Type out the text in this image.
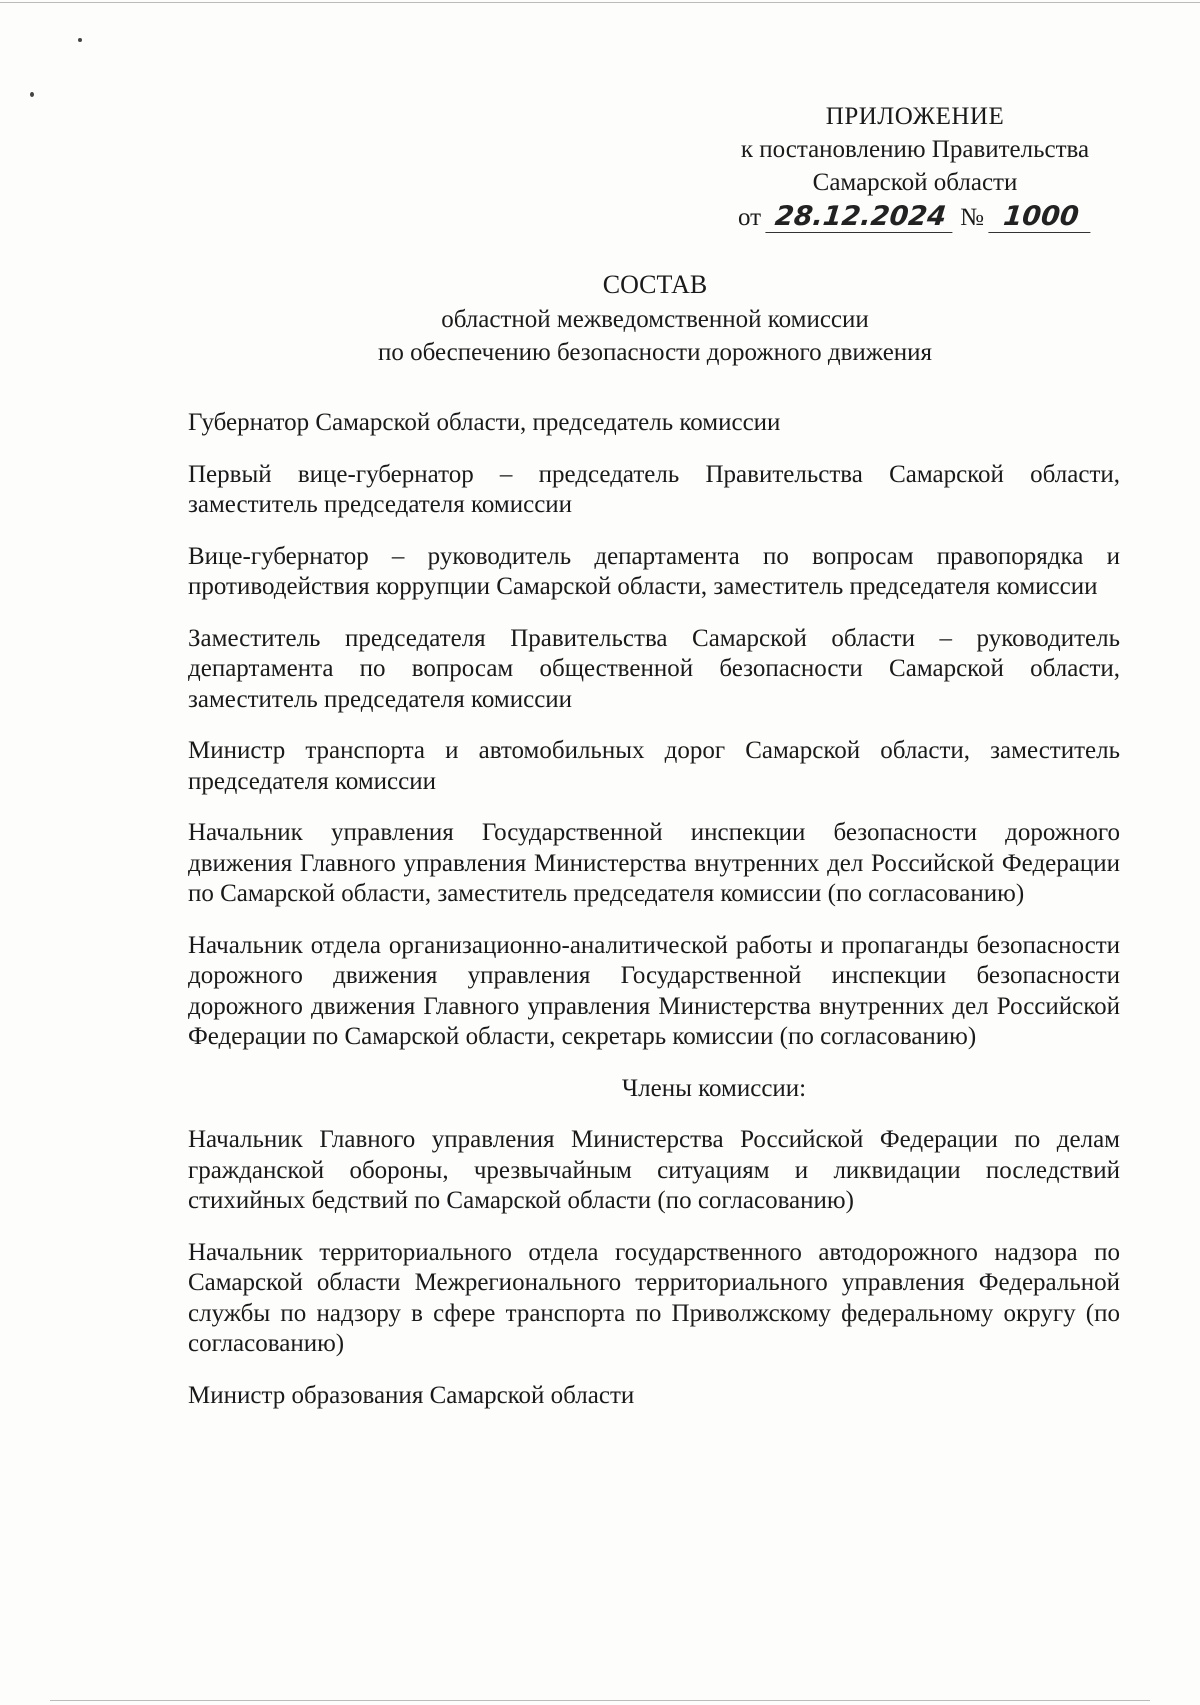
ПРИЛОЖЕНИЕ
к постановлению Правительства
Самарской области
от 28.12.2024 № 1000
СОСТАВ
областной межведомственной комиссии
по обеспечению безопасности дорожного движения

Губернатор Самарской области, председатель комиссии

Первый вице-губернатор – председатель Правительства Самарской области, заместитель председателя комиссии

Вице-губернатор – руководитель департамента по вопросам правопорядка и противодействия коррупции Самарской области, заместитель председателя комиссии

Заместитель председателя Правительства Самарской области – руководитель департамента по вопросам общественной безопасности Самарской области, заместитель председателя комиссии

Министр транспорта и автомобильных дорог Самарской области, заместитель председателя комиссии

Начальник управления Государственной инспекции безопасности дорожного движения Главного управления Министерства внутренних дел Российской Федерации по Самарской области, заместитель председателя комиссии (по согласованию)

Начальник отдела организационно-аналитической работы и пропаганды безопасности дорожного движения управления Государственной инспекции безопасности дорожного движения Главного управления Министерства внутренних дел Российской Федерации по Самарской области, секретарь комиссии (по согласованию)

Члены комиссии:

Начальник Главного управления Министерства Российской Федерации по делам гражданской обороны, чрезвычайным ситуациям и ликвидации последствий стихийных бедствий по Самарской области (по согласованию)

Начальник территориального отдела государственного автодорожного надзора по Самарской области Межрегионального территориального управления Федеральной службы по надзору в сфере транспорта по Приволжскому федеральному округу (по согласованию)

Министр образования Самарской области
